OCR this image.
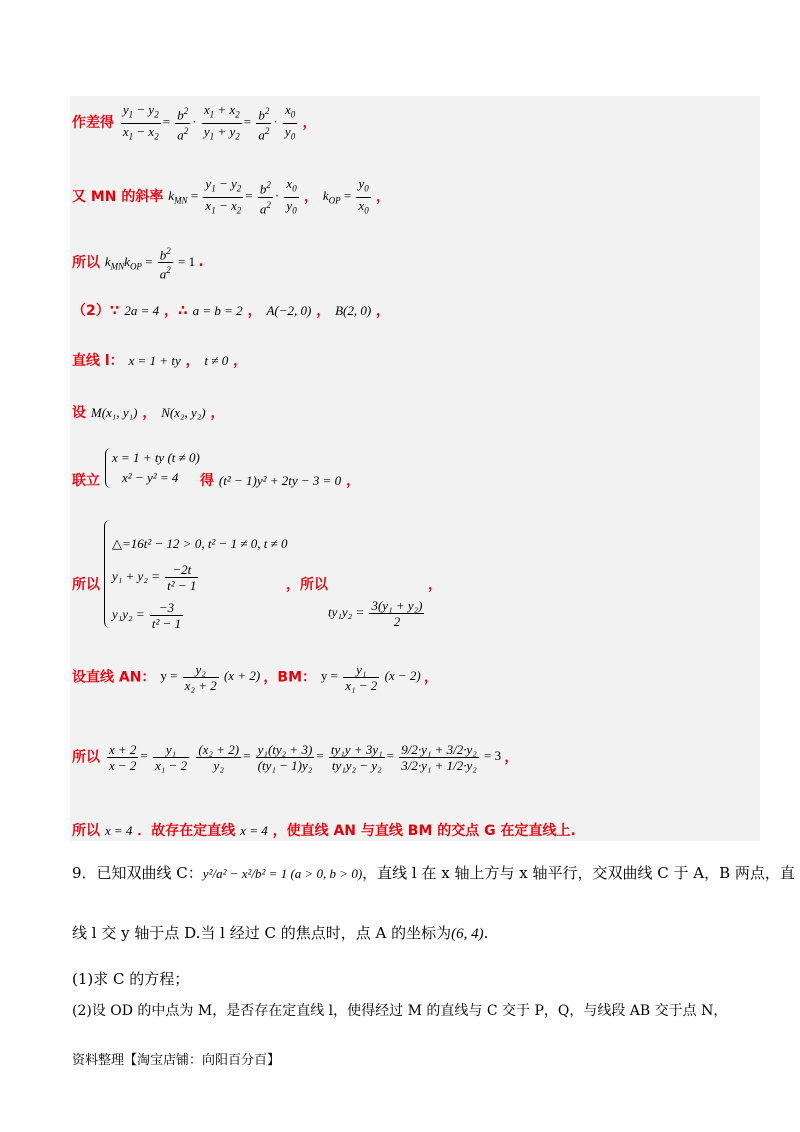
作差得 $\frac{y_1 - y_2}{x_1 - x_2} = \frac{b^2}{a^2} \cdot \frac{x_1 + x_2}{y_1 + y_2} = \frac{b^2}{a^2} \cdot \frac{x_0}{y_0}$ ，
又 MN 的斜率 $k_{MN} = \frac{y_1 - y_2}{x_1 - x_2} = \frac{b^2}{a^2} \cdot \frac{x_0}{y_0}$ ， $k_{OP} = \frac{y_0}{x_0}$ ，
所以 $k_{MN}k_{OP} = \frac{b^2}{a^2} = 1$ .
（2）∵ 2a = 4 ，∴ a = b = 2 ， A(−2, 0) ， B(2, 0) ，
直线 l： x = 1 + ty ， t ≠ 0 ，
设 M(x₁, y₁) ， N(x₂, y₂) ，
联立
x = 1 + ty (t ≠ 0)
x² − y² = 4 得 (t² − 1)y² + 2ty − 3 = 0 ，
△=16t² − 12 > 0, t² − 1 ≠ 0, t ≠ 0
$y_1 + y_2 = \frac{-2t}{\text{t² − 1}}$
$y_1y_2 = \frac{-3}{\text{t² − 1}}$
所以	，所以	，
$ty_1y_2 = \frac{\text{3(y₁ + y₂)}}{2}$
设直线 AN： $y = \frac{\text{y₂}}{\text{x₂ + 2}} (x + 2)$ ，BM： $y = \frac{\text{y₁}}{\text{x₁ − 2}} (x - 2)$ ，
所以 $\frac{x + 2}{x - 2} = \frac{\text{y₁}}{\text{x₁ − 2}}$
$\frac{\text{(x₂ + 2)}}{\text{y₂}} = \frac{\text{y₁(ty₂ + 3)}}{\text{(ty₁ − 1)y₂}} = \frac{\text{ty₁y + 3y₁}}{\text{ty₁y₂ − y₂}} = \frac{\text{9/2·y₁ + 3/2·y₂}}{\text{3/2·y₁ + 1/2·y₂}} = 3$ ，
所以 x = 4 ．故存在定直线 x = 4 ，使直线 AN 与直线 BM 的交点 G 在定直线上.
9．已知双曲线 C：y²/a² − x²/b² = 1 (a > 0, b > 0)，直线 l 在 x 轴上方与 x 轴平行，交双曲线 C 于 A，B 两点，直
线 l 交 y 轴于点 D.当 l 经过 C 的焦点时，点 A 的坐标为(6, 4).
(1)求 C 的方程；
(2)设 OD 的中点为 M，是否存在定直线 l，使得经过 M 的直线与 C 交于 P，Q，与线段 AB 交于点 N，
资料整理【淘宝店铺：向阳百分百】
